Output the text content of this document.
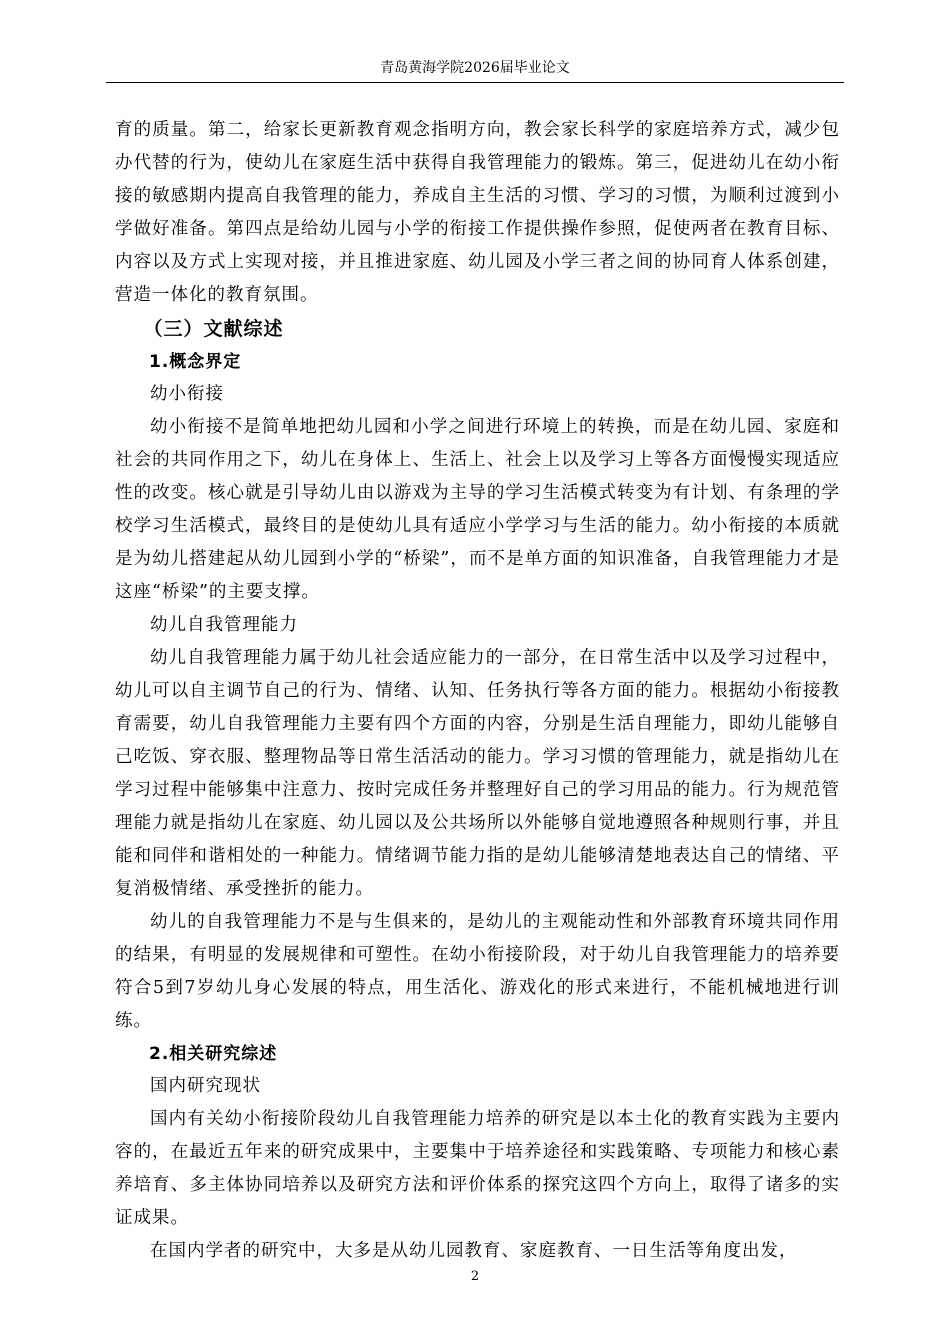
青岛黄海学院2026届毕业论文

育的质量。第二，给家长更新教育观念指明方向，教会家长科学的家庭培养方式，减少包办代替的行为，使幼儿在家庭生活中获得自我管理能力的锻炼。第三，促进幼儿在幼小衔接的敏感期内提高自我管理的能力，养成自主生活的习惯、学习的习惯，为顺利过渡到小学做好准备。第四点是给幼儿园与小学的衔接工作提供操作参照，促使两者在教育目标、内容以及方式上实现对接，并且推进家庭、幼儿园及小学三者之间的协同育人体系创建，营造一体化的教育氛围。

（三）文献综述

1.概念界定

幼小衔接

幼小衔接不是简单地把幼儿园和小学之间进行环境上的转换，而是在幼儿园、家庭和社会的共同作用之下，幼儿在身体上、生活上、社会上以及学习上等各方面慢慢实现适应性的改变。核心就是引导幼儿由以游戏为主导的学习生活模式转变为有计划、有条理的学校学习生活模式，最终目的是使幼儿具有适应小学学习与生活的能力。幼小衔接的本质就是为幼儿搭建起从幼儿园到小学的“桥梁”，而不是单方面的知识准备，自我管理能力才是这座“桥梁”的主要支撑。

幼儿自我管理能力

幼儿自我管理能力属于幼儿社会适应能力的一部分，在日常生活中以及学习过程中，幼儿可以自主调节自己的行为、情绪、认知、任务执行等各方面的能力。根据幼小衔接教育需要，幼儿自我管理能力主要有四个方面的内容，分别是生活自理能力，即幼儿能够自己吃饭、穿衣服、整理物品等日常生活活动的能力。学习习惯的管理能力，就是指幼儿在学习过程中能够集中注意力、按时完成任务并整理好自己的学习用品的能力。行为规范管理能力就是指幼儿在家庭、幼儿园以及公共场所以外能够自觉地遵照各种规则行事，并且能和同伴和谐相处的一种能力。情绪调节能力指的是幼儿能够清楚地表达自己的情绪、平复消极情绪、承受挫折的能力。

幼儿的自我管理能力不是与生俱来的，是幼儿的主观能动性和外部教育环境共同作用的结果，有明显的发展规律和可塑性。在幼小衔接阶段，对于幼儿自我管理能力的培养要符合5到7岁幼儿身心发展的特点，用生活化、游戏化的形式来进行，不能机械地进行训练。

2.相关研究综述

国内研究现状

国内有关幼小衔接阶段幼儿自我管理能力培养的研究是以本土化的教育实践为主要内容的，在最近五年来的研究成果中，主要集中于培养途径和实践策略、专项能力和核心素养培育、多主体协同培养以及研究方法和评价体系的探究这四个方向上，取得了诸多的实证成果。

在国内学者的研究中，大多是从幼儿园教育、家庭教育、一日生活等角度出发，

2
